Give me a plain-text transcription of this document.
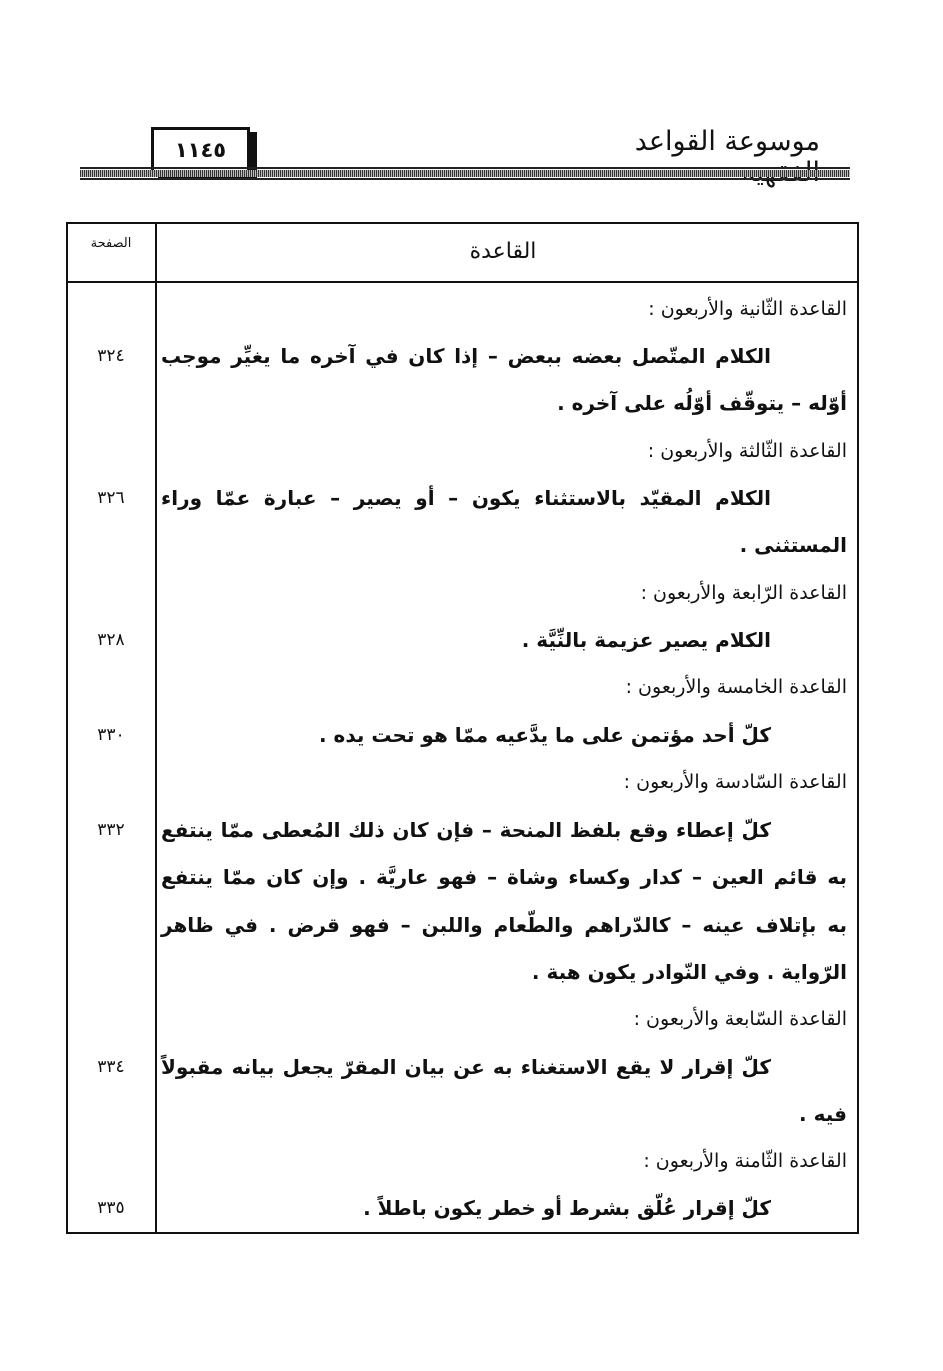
موسوعة القواعد
١١٤٥
القاعدة
الصفحة
القاعدة الثّانية والأربعون :
الكلام المتّصل بعضه ببعض – إذا كان في آخره ما يغيِّر موجب
٣٢٤
أوّله – يتوقّف أوّلُه على آخره .
القاعدة الثّالثة والأربعون :
الكلام المقيّد بالاستثناء يكون – أو يصير – عبارة عمّا وراء
٣٢٦
المستثنى .
القاعدة الرّابعة والأربعون :
الكلام يصير عزيمة بالنِّيَّة .
٣٢٨
القاعدة الخامسة والأربعون :
كلّ أحد مؤتمن على ما يدَّعيه ممّا هو تحت يده .
٣٣٠
القاعدة السّادسة والأربعون :
كلّ إعطاء وقع بلفظ المنحة – فإن كان ذلك المُعطى ممّا ينتفع
٣٣٢
به قائم العين – كدار وكساء وشاة – فهو عاريَّة . وإن كان ممّا ينتفع
به بإتلاف عينه – كالدّراهم والطّعام واللبن – فهو قرض . في ظاهر
الرّواية . وفي النّوادر يكون هبة .
القاعدة السّابعة والأربعون :
كلّ إقرار لا يقع الاستغناء به عن بيان المقرّ يجعل بيانه مقبولاً
٣٣٤
فيه .
القاعدة الثّامنة والأربعون :
كلّ إقرار عُلّق بشرط أو خطر يكون باطلاً .
٣٣٥
